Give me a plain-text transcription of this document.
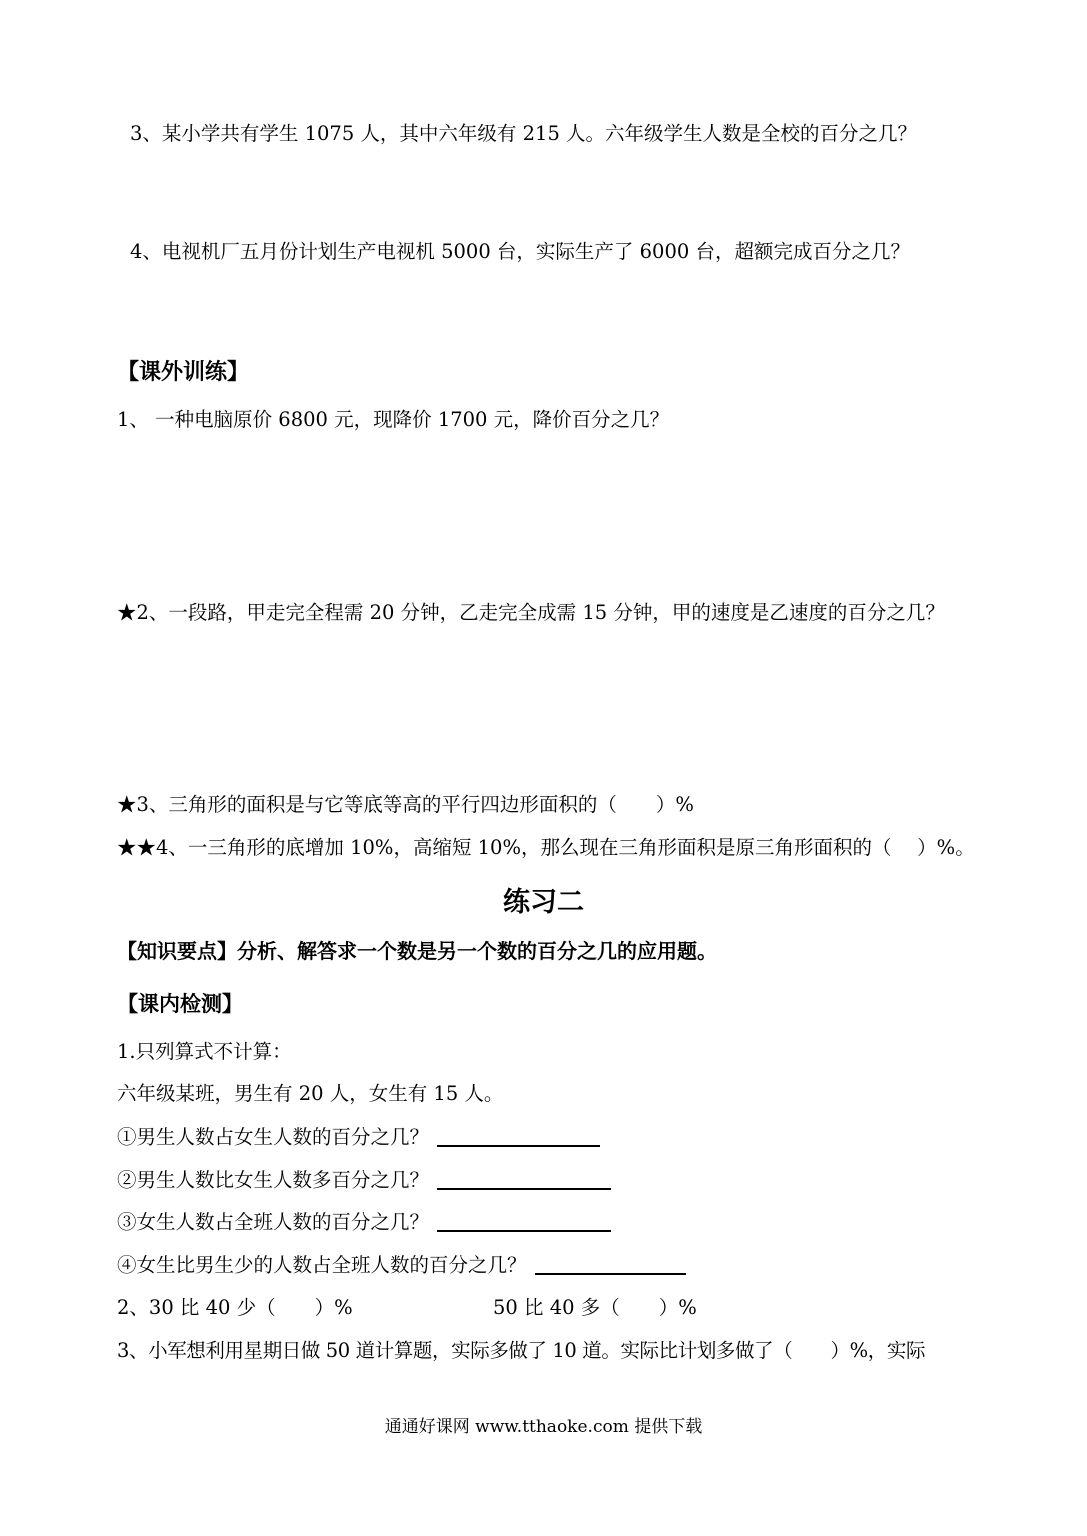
3、某小学共有学生 1075 人，其中六年级有 215 人。六年级学生人数是全校的百分之几？
4、电视机厂五月份计划生产电视机 5000 台，实际生产了 6000 台，超额完成百分之几？
【课外训练】
1、 一种电脑原价 6800 元，现降价 1700 元，降价百分之几？
★2、一段路，甲走完全程需 20 分钟，乙走完全成需 15 分钟，甲的速度是乙速度的百分之几？
★3、三角形的面积是与它等底等高的平行四边形面积的（　　）%
★★4、一三角形的底增加 10%，高缩短 10%，那么现在三角形面积是原三角形面积的（　 ）%。
练习二
【知识要点】分析、解答求一个数是另一个数的百分之几的应用题。
【课内检测】
1.只列算式不计算：
六年级某班，男生有 20 人，女生有 15 人。
①男生人数占女生人数的百分之几？
②男生人数比女生人数多百分之几？
③女生人数占全班人数的百分之几？
④女生比男生少的人数占全班人数的百分之几？
2、30 比 40 少（　　）%	50 比 40 多（　　）%
3、小军想利用星期日做 50 道计算题，实际多做了 10 道。实际比计划多做了（　　）%，实际
通通好课网 www.tthaoke.com 提供下载
